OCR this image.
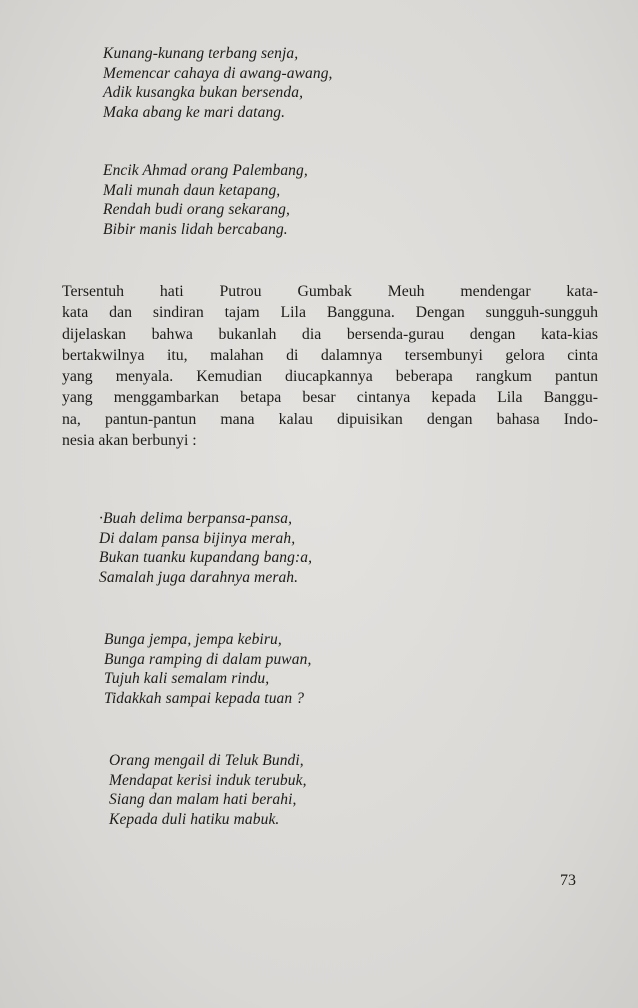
Kunang-kunang terbang senja,
Memencar cahaya di awang-awang,
Adik kusangka bukan bersenda,
Maka abang ke mari datang.
Encik Ahmad orang Palembang,
Mali munah daun ketapang,
Rendah budi orang sekarang,
Bibir manis lidah bercabang.
Tersentuh hati Putrou Gumbak Meuh mendengar kata-
kata dan sindiran tajam Lila Bangguna. Dengan sungguh-sungguh
dijelaskan bahwa bukanlah dia bersenda-gurau dengan kata-kias
bertakwilnya itu, malahan di dalamnya tersembunyi gelora cinta
yang menyala. Kemudian diucapkannya beberapa rangkum pantun
yang menggambarkan betapa besar cintanya kepada Lila Banggu-
na, pantun-pantun mana kalau dipuisikan dengan bahasa Indo-
nesia akan berbunyi :
·Buah delima berpansa-pansa,
Di dalam pansa bijinya merah,
Bukan tuanku kupandang bang:a,
Samalah juga darahnya merah.
Bunga jempa, jempa kebiru,
Bunga ramping di dalam puwan,
Tujuh kali semalam rindu,
Tidakkah sampai kepada tuan ?
Orang mengail di Teluk Bundi,
Mendapat kerisi induk terubuk,
Siang dan malam hati berahi,
Kepada duli hatiku mabuk.
73
